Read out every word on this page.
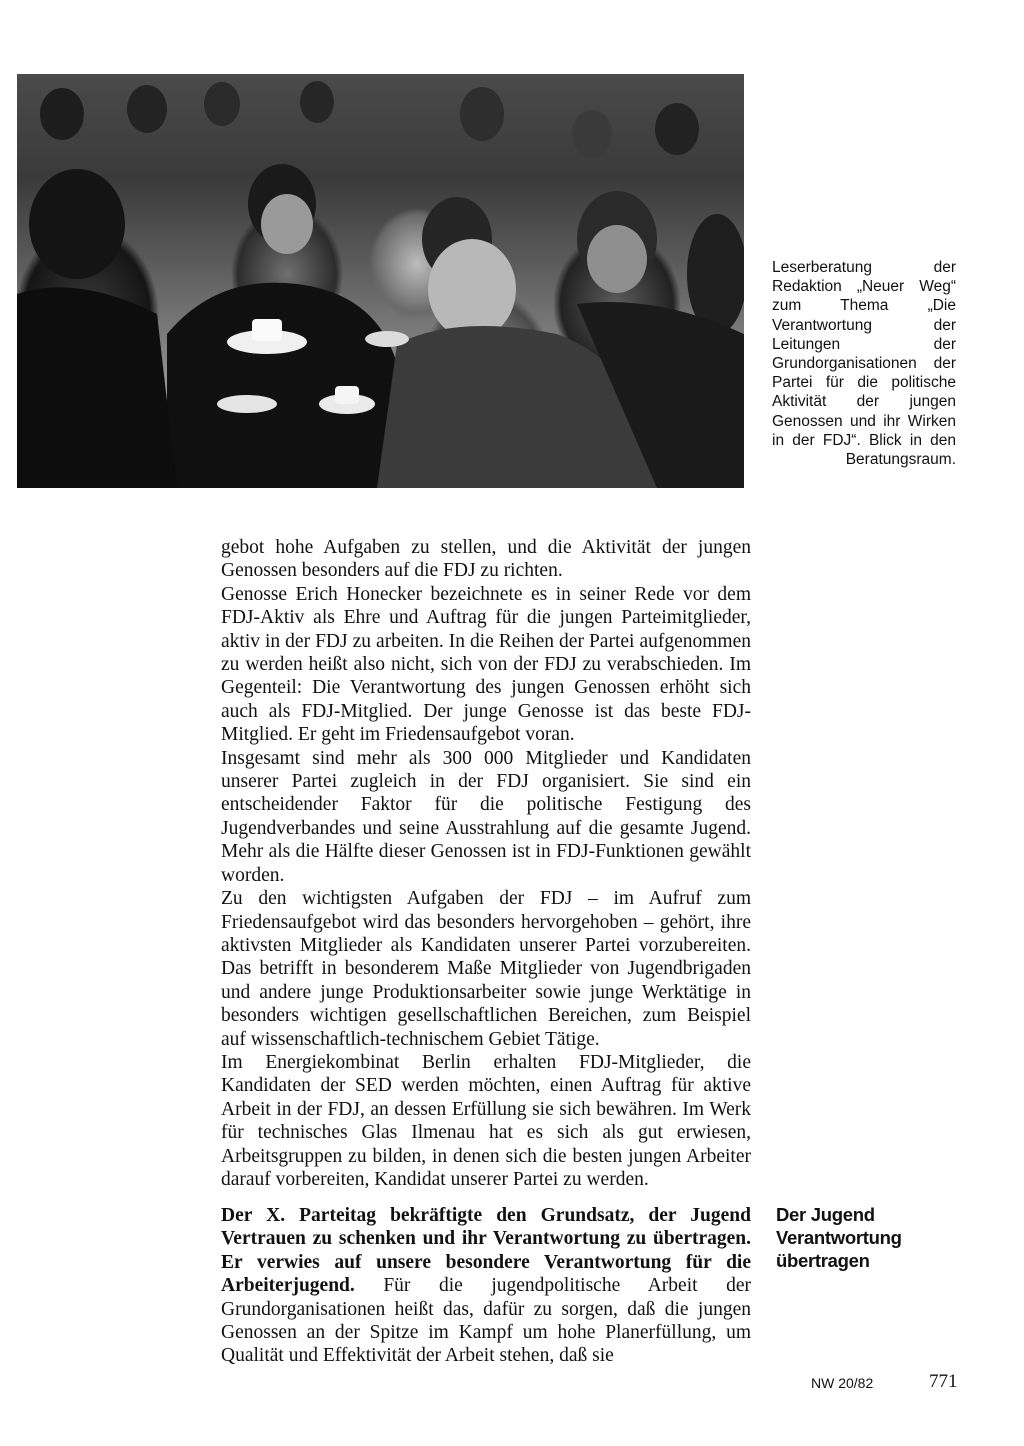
Leserberatung der Redaktion „Neuer Weg“ zum Thema „Die Verantwortung der Leitungen der Grundorganisationen der Partei für die politische Aktivität der jungen Genossen und ihr Wirken in der FDJ“. Blick in den Beratungsraum.

gebot hohe Aufgaben zu stellen, und die Aktivität der jungen Genossen besonders auf die FDJ zu richten.

Genosse Erich Honecker bezeichnete es in seiner Rede vor dem FDJ-Aktiv als Ehre und Auftrag für die jungen Parteimitglieder, aktiv in der FDJ zu arbeiten. In die Reihen der Partei aufgenommen zu werden heißt also nicht, sich von der FDJ zu verabschieden. Im Gegenteil: Die Verantwortung des jungen Genossen erhöht sich auch als FDJ-Mitglied. Der junge Genosse ist das beste FDJ-Mitglied. Er geht im Friedensaufgebot voran.

Insgesamt sind mehr als 300 000 Mitglieder und Kandidaten unserer Partei zugleich in der FDJ organisiert. Sie sind ein entscheidender Faktor für die politische Festigung des Jugendverbandes und seine Ausstrahlung auf die gesamte Jugend. Mehr als die Hälfte dieser Genossen ist in FDJ-Funktionen gewählt worden.

Zu den wichtigsten Aufgaben der FDJ – im Aufruf zum Friedensaufgebot wird das besonders hervorgehoben – gehört, ihre aktivsten Mitglieder als Kandidaten unserer Partei vorzubereiten. Das betrifft in besonderem Maße Mitglieder von Jugendbrigaden und andere junge Produktionsarbeiter sowie junge Werktätige in besonders wichtigen gesellschaftlichen Bereichen, zum Beispiel auf wissenschaftlich-technischem Gebiet Tätige.

Im Energiekombinat Berlin erhalten FDJ-Mitglieder, die Kandidaten der SED werden möchten, einen Auftrag für aktive Arbeit in der FDJ, an dessen Erfüllung sie sich bewähren. Im Werk für technisches Glas Ilmenau hat es sich als gut erwiesen, Arbeitsgruppen zu bilden, in denen sich die besten jungen Arbeiter darauf vorbereiten, Kandidat unserer Partei zu werden.

Der X. Parteitag bekräftigte den Grundsatz, der Jugend Vertrauen zu schenken und ihr Verantwortung zu übertragen. Er verwies auf unsere besondere Verantwortung für die Arbeiterjugend. Für die jugendpolitische Arbeit der Grundorganisationen heißt das, dafür zu sorgen, daß die jungen Genossen an der Spitze im Kampf um hohe Planerfüllung, um Qualität und Effektivität der Arbeit stehen, daß sie

Der Jugend Verantwortung übertragen

NW 20/82	771
